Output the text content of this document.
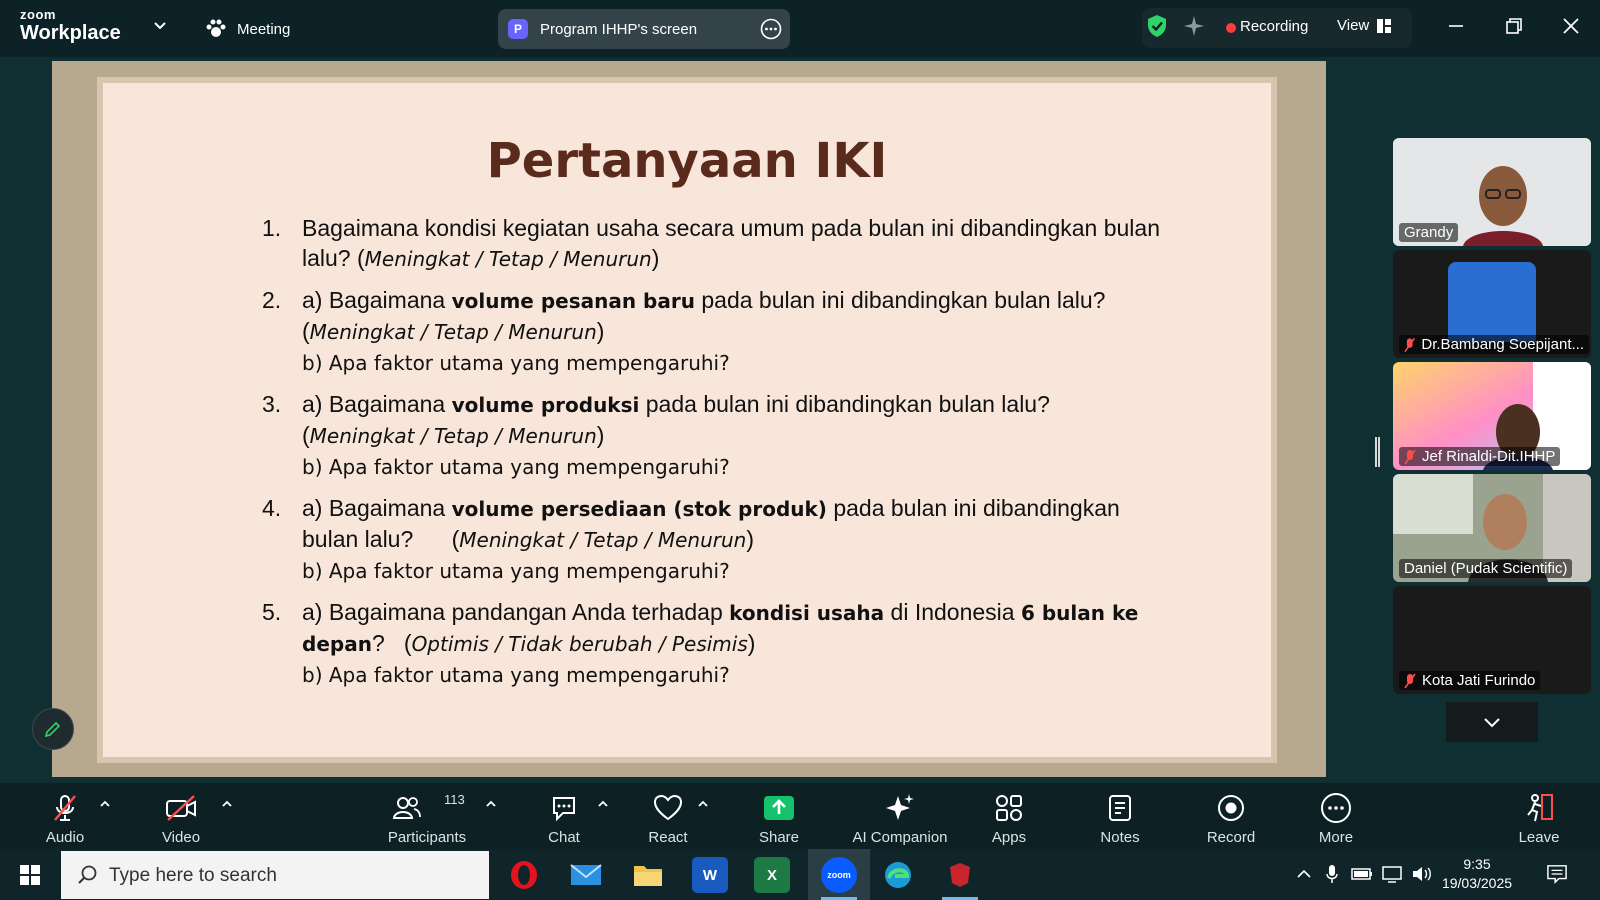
zoom
Workplace	Meeting	P	Program IHHP's screen	Recording View
Pertanyaan IKI
1. Bagaimana kondisi kegiatan usaha secara umum pada bulan ini dibandingkan bulan lalu? (Meningkat / Tetap / Menurun)
2. a) Bagaimana volume pesanan baru pada bulan ini dibandingkan bulan lalu?      (Meningkat / Tetap / Menurun)
b) Apa faktor utama yang mempengaruhi?
3. a) Bagaimana volume produksi pada bulan ini dibandingkan bulan lalu?      (Meningkat / Tetap / Menurun)
b) Apa faktor utama yang mempengaruhi?
4. a) Bagaimana volume persediaan (stok produk) pada bulan ini dibandingkan bulan lalu?      (Meningkat / Tetap / Menurun)
b) Apa faktor utama yang mempengaruhi?
5. a) Bagaimana pandangan Anda terhadap kondisi usaha di Indonesia 6 bulan ke depan?   (Optimis / Tidak berubah / Pesimis)
b) Apa faktor utama yang mempengaruhi?
Grandy
Dr.Bambang Soepijant...
Jef Rinaldi-Dit.IHHP
Daniel (Pudak Scientific)
Kota Jati Furindo
Audio	Video	Participants
113
Chat	React	Share	AI Companion	Apps	Notes	Record	More	Leave
Type here to search	W	X	zoom
9:35
19/03/2025
